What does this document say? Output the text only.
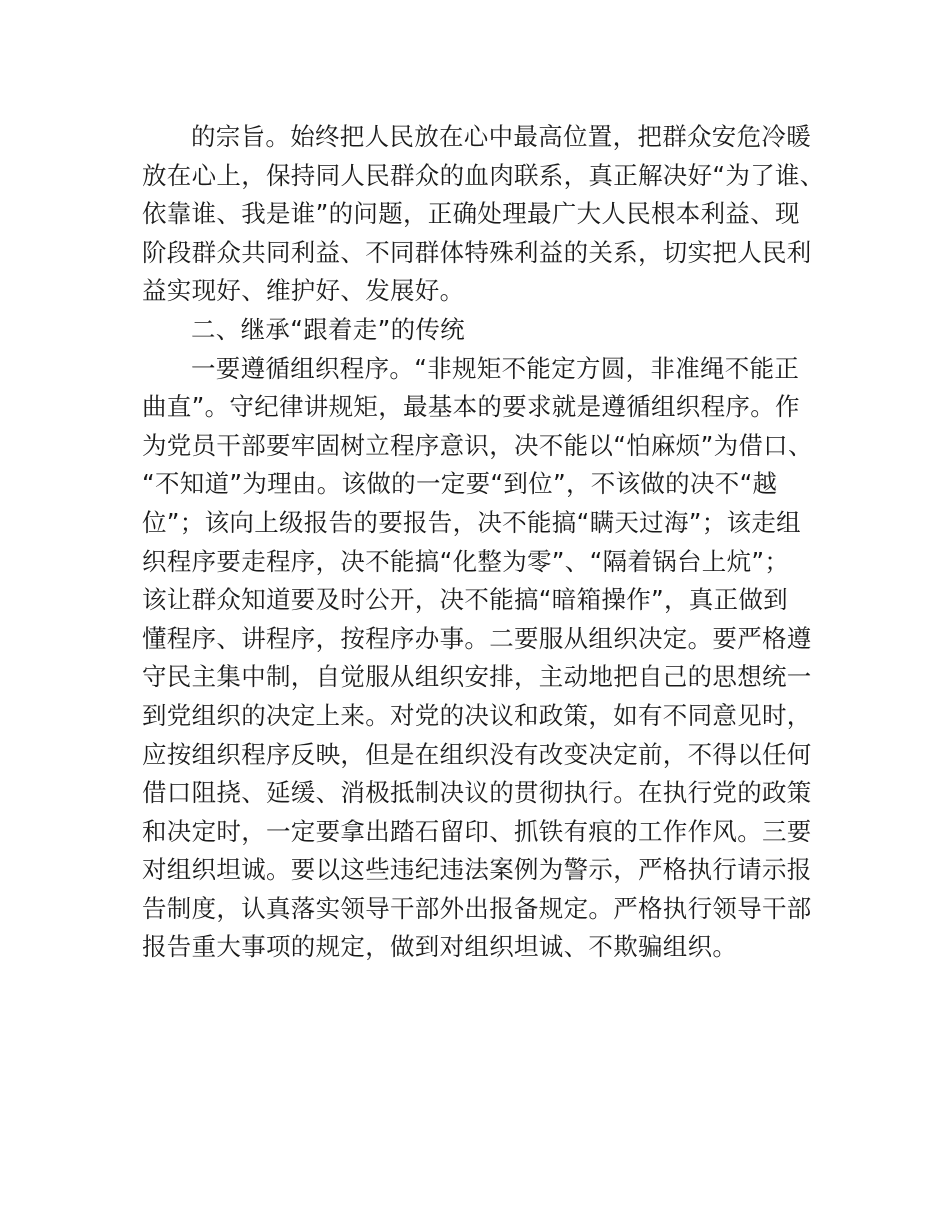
的宗旨。始终把人民放在心中最高位置，把群众安危冷暖
放在心上，保持同人民群众的血肉联系，真正解决好“为了谁、
依靠谁、我是谁”的问题，正确处理最广大人民根本利益、现
阶段群众共同利益、不同群体特殊利益的关系，切实把人民利
益实现好、维护好、发展好。
二、继承“跟着走”的传统
一要遵循组织程序。“非规矩不能定方圆，非准绳不能正
曲直”。守纪律讲规矩，最基本的要求就是遵循组织程序。作
为党员干部要牢固树立程序意识，决不能以“怕麻烦”为借口、
“不知道”为理由。该做的一定要“到位”，不该做的决不“越
位”；该向上级报告的要报告，决不能搞“瞒天过海”；该走组
织程序要走程序，决不能搞“化整为零”、“隔着锅台上炕”；
该让群众知道要及时公开，决不能搞“暗箱操作”，真正做到
懂程序、讲程序，按程序办事。二要服从组织决定。要严格遵
守民主集中制，自觉服从组织安排，主动地把自己的思想统一
到党组织的决定上来。对党的决议和政策，如有不同意见时，
应按组织程序反映，但是在组织没有改变决定前，不得以任何
借口阻挠、延缓、消极抵制决议的贯彻执行。在执行党的政策
和决定时，一定要拿出踏石留印、抓铁有痕的工作作风。三要
对组织坦诚。要以这些违纪违法案例为警示，严格执行请示报
告制度，认真落实领导干部外出报备规定。严格执行领导干部
报告重大事项的规定，做到对组织坦诚、不欺骗组织。
